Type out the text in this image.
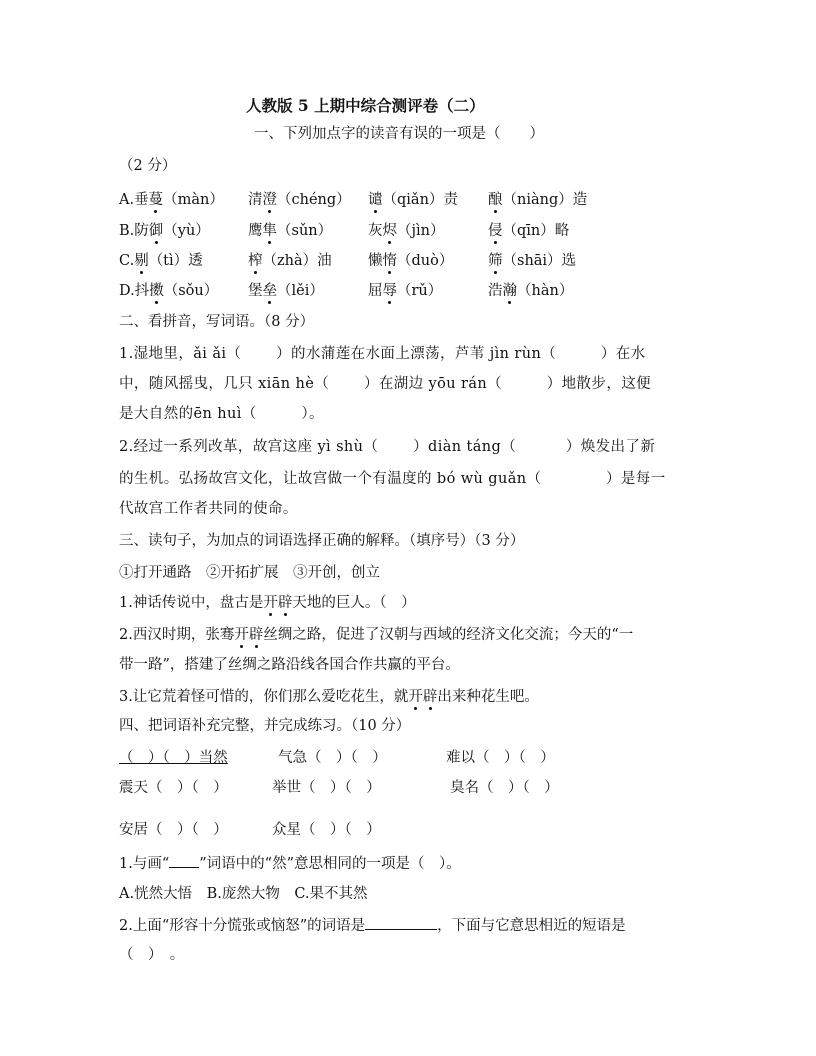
人教版 5 上期中综合测评卷（二）
一、下列加点字的读音有误的一项是（　　）
（2 分）
A.垂蔓（màn） 清澄（chéng） 谴（qiǎn）责 酿（niàng）造
B.防御（yù）	鹰隼（sǔn） 灰烬（jìn）	侵（qīn）略
C.剔（tì）透	榨（zhà）油	懒惰（duò） 筛（shāi）选
D.抖擞（sǒu） 堡垒（lěi）	屈辱（rǔ）	浩瀚（hàn）
二、看拼音，写词语。（8 分）
1.湿地里，ǎi ǎi（　　 ）的水蒲莲在水面上漂荡，芦苇 jìn rùn（　　　）在水
中，随风摇曳，几只 xiān hè（　　 ）在湖边 yōu rán（　　　）地散步，这便
是大自然的ēn huì（　　　）。
2.经过一系列改革，故宫这座 yì shù（　　 ）diàn táng（　　　 ）焕发出了新
的生机。弘扬故宫文化，让故宫做一个有温度的 bó wù guǎn（　　　　 ）是每一
代故宫工作者共同的使命。
三、读句子，为加点的词语选择正确的解释。（填序号）（3 分）
①打开通路　②开拓扩展　③开创，创立
1.神话传说中，盘古是开辟天地的巨人。（　）
2.西汉时期，张骞开辟丝绸之路，促进了汉朝与西域的经济文化交流；今天的“一
带一路”，搭建了丝绸之路沿线各国合作共赢的平台。
3.让它荒着怪可惜的，你们那么爱吃花生，就开辟出来种花生吧。
四、把词语补充完整，并完成练习。（10 分）
（　）（　）当然	气急（　）（　）	难以（　）（　）
震天（　）（　）	举世（　）（　）	臭名（　）（　）
安居（　）（　）	众星（　）（　）
1.与画“ ”词语中的“然”意思相同的一项是（　）。
A.恍然大悟　B.庞然大物　C.果不其然
2.上面“形容十分慌张或恼怒”的词语是	，下面与它意思相近的短语是
（　）　。
